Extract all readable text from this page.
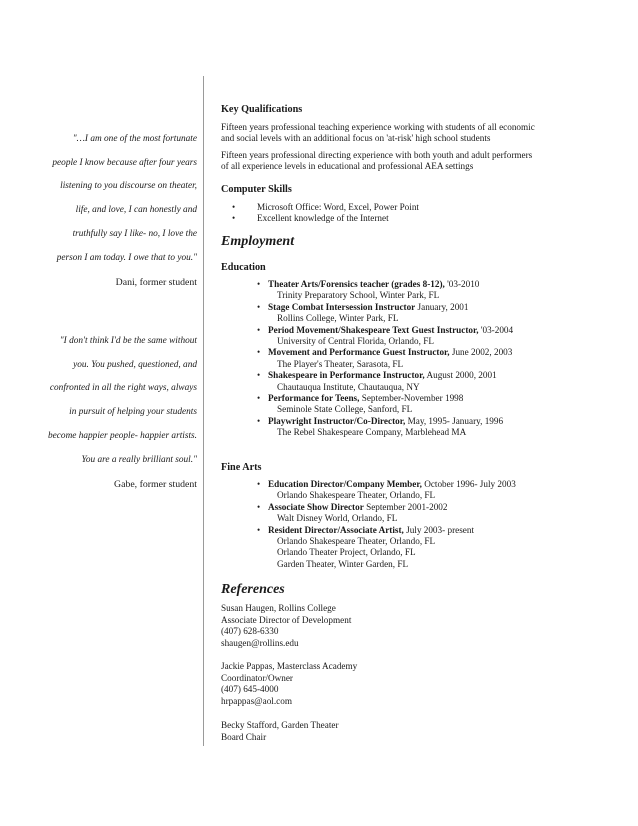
"…I am one of the most fortunate
people I know because after four years
listening to you discourse on theater,
life, and love, I can honestly and
truthfully say I like- no, I love the
person I am today. I owe that to you."
Dani, former student
"I don't think I'd be the same without
you. You pushed, questioned, and
confronted in all the right ways, always
in pursuit of helping your students
become happier people- happier artists.
You are a really brilliant soul."
Gabe, former student
Key Qualifications
Fifteen years professional teaching experience working with students of all economic
and social levels with an additional focus on 'at-risk' high school students
Fifteen years professional directing experience with both youth and adult performers
of all experience levels in educational and professional AEA settings
Computer Skills
• Microsoft Office: Word, Excel, Power Point
• Excellent knowledge of the Internet
Employment
Education
• Theater Arts/Forensics teacher (grades 8-12), '03-2010
Trinity Preparatory School, Winter Park, FL
• Stage Combat Intersession Instructor January, 2001
Rollins College, Winter Park, FL
• Period Movement/Shakespeare Text Guest Instructor, '03-2004
University of Central Florida, Orlando, FL
• Movement and Performance Guest Instructor, June 2002, 2003
The Player's Theater, Sarasota, FL
• Shakespeare in Performance Instructor, August 2000, 2001
Chautauqua Institute, Chautauqua, NY
• Performance for Teens, September-November 1998
Seminole State College, Sanford, FL
• Playwright Instructor/Co-Director, May, 1995- January, 1996
The Rebel Shakespeare Company, Marblehead MA
Fine Arts
• Education Director/Company Member, October 1996- July 2003
Orlando Shakespeare Theater, Orlando, FL
• Associate Show Director September 2001-2002
Walt Disney World, Orlando, FL
• Resident Director/Associate Artist, July 2003- present
Orlando Shakespeare Theater, Orlando, FL
Orlando Theater Project, Orlando, FL
Garden Theater, Winter Garden, FL
References
Susan Haugen, Rollins College
Associate Director of Development
(407) 628-6330
shaugen@rollins.edu
Jackie Pappas, Masterclass Academy
Coordinator/Owner
(407) 645-4000
hrpappas@aol.com
Becky Stafford, Garden Theater
Board Chair
